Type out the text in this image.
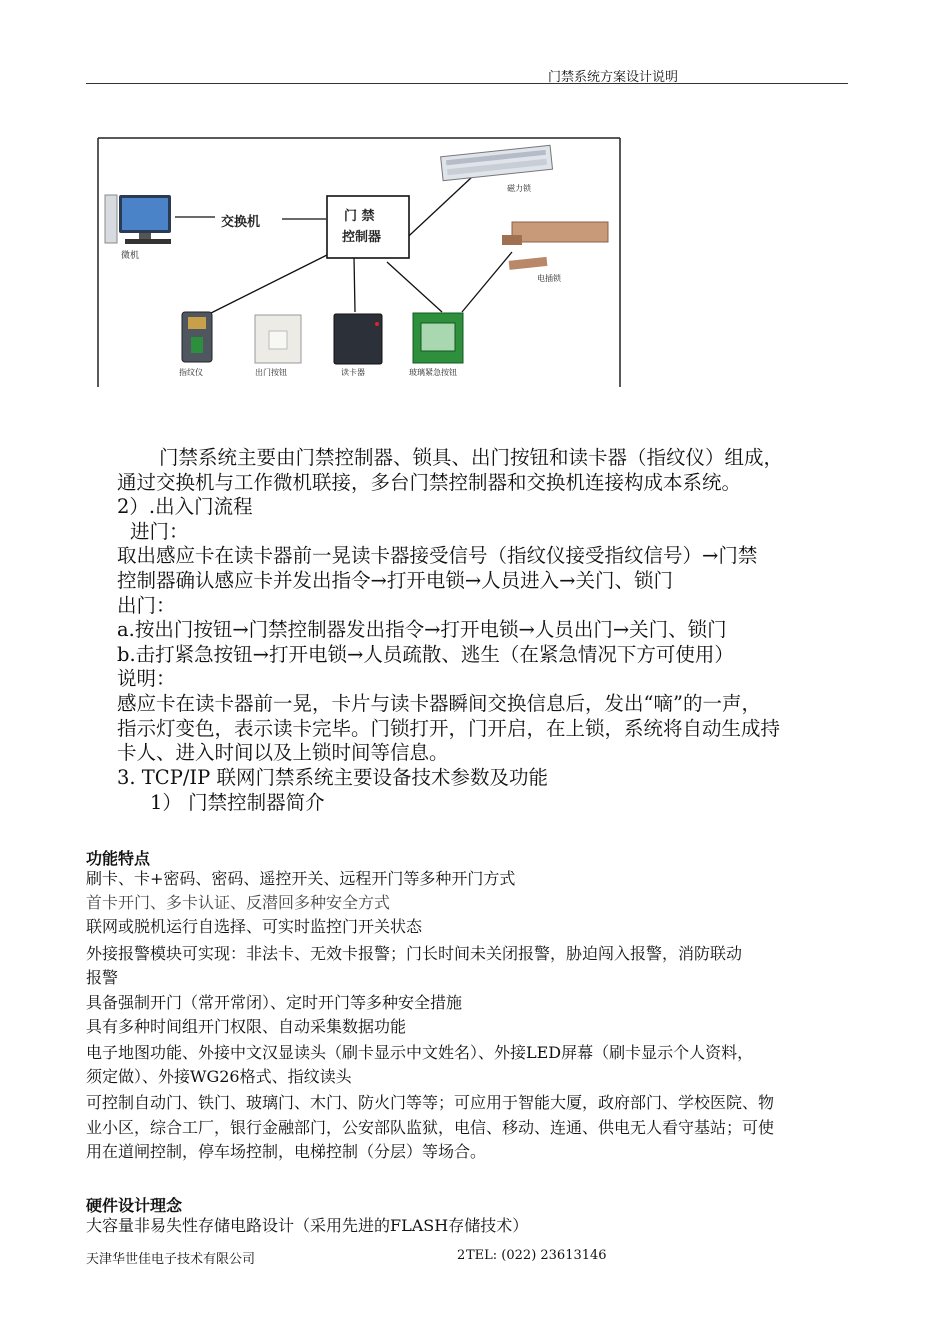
门禁系统方案设计说明
微机
交换机	门 禁
控制器
磁力锁
电插锁
指纹仪	出门按钮	读卡器	玻璃紧急按钮
门禁系统主要由门禁控制器、锁具、出门按钮和读卡器（指纹仪）组成，
通过交换机与工作微机联接，多台门禁控制器和交换机连接构成本系统。
2）.出入门流程
进门：
取出感应卡在读卡器前一晃读卡器接受信号（指纹仪接受指纹信号）→门禁
控制器确认感应卡并发出指令→打开电锁→人员进入→关门、锁门
出门：
a.按出门按钮→门禁控制器发出指令→打开电锁→人员出门→关门、锁门
b.击打紧急按钮→打开电锁→人员疏散、逃生（在紧急情况下方可使用）
说明：
感应卡在读卡器前一晃，卡片与读卡器瞬间交换信息后，发出“嘀”的一声，
指示灯变色，表示读卡完毕。门锁打开，门开启，在上锁，系统将自动生成持
卡人、进入时间以及上锁时间等信息。
3. TCP/IP 联网门禁系统主要设备技术参数及功能
1） 门禁控制器简介
功能特点
刷卡、卡+密码、密码、遥控开关、远程开门等多种开门方式
首卡开门、多卡认证、反潜回多种安全方式
联网或脱机运行自选择、可实时监控门开关状态
外接报警模块可实现：非法卡、无效卡报警；门长时间未关闭报警，胁迫闯入报警，消防联动
报警
具备强制开门（常开常闭）、定时开门等多种安全措施
具有多种时间组开门权限、自动采集数据功能
电子地图功能、外接中文汉显读头（刷卡显示中文姓名）、外接LED屏幕（刷卡显示个人资料，
须定做）、外接WG26格式、指纹读头
可控制自动门、铁门、玻璃门、木门、防火门等等；可应用于智能大厦，政府部门、学校医院、物
业小区，综合工厂，银行金融部门，公安部队监狱，电信、移动、连通、供电无人看守基站；可使
用在道闸控制，停车场控制，电梯控制（分层）等场合。
硬件设计理念
大容量非易失性存储电路设计（采用先进的FLASH存储技术）
天津华世佳电子技术有限公司	2 TEL: (022) 23613146
